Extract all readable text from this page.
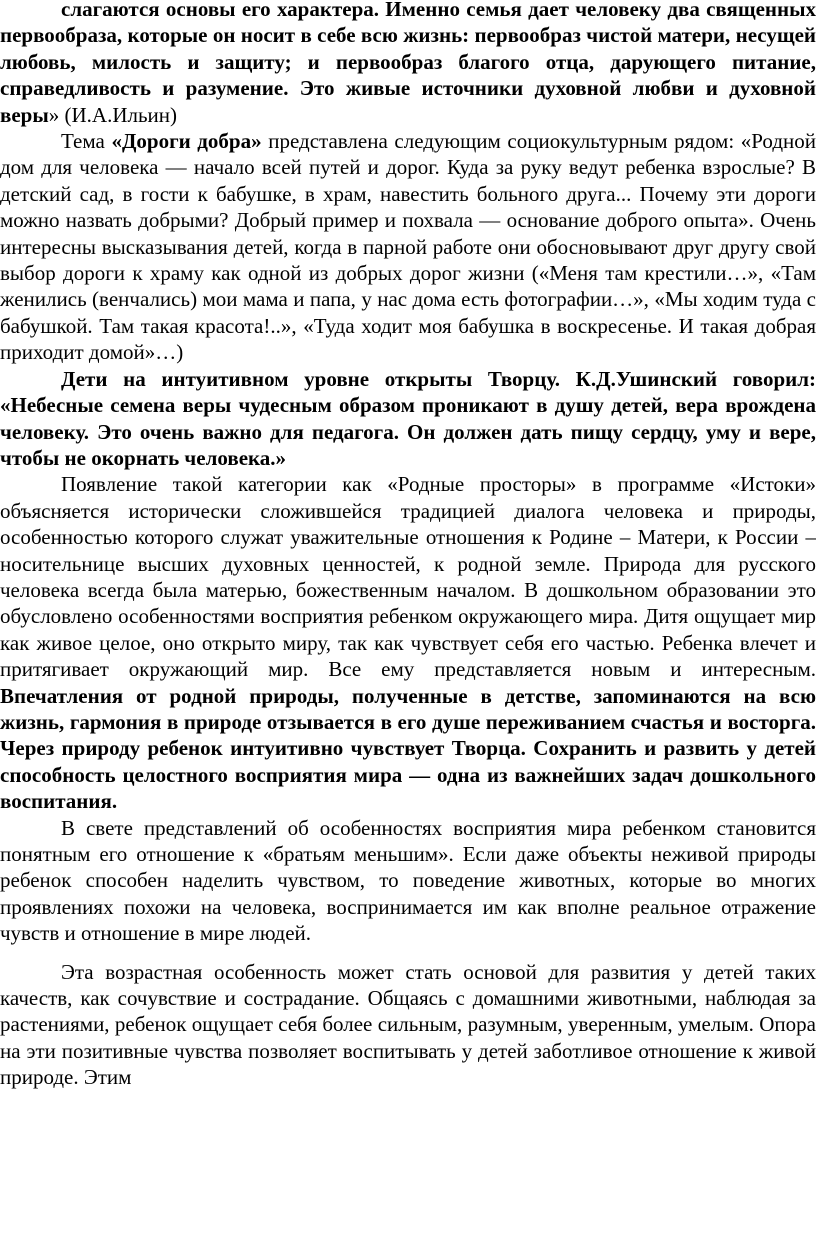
слагаются основы его характера. Именно семья дает человеку два священных первообраза, которые он носит в себе всю жизнь: первообраз чистой матери, несущей любовь, милость и защиту; и первообраз благого отца, дарующего питание, справедливость и разумение. Это живые источники духовной любви и духовной веры» (И.А.Ильин)

Тема «Дороги добра» представлена следующим социокультурным рядом: «Родной дом для человека — начало всей путей и дорог. Куда за руку ведут ребенка взрослые? В детский сад, в гости к бабушке, в храм, навестить больного друга... Почему эти дороги можно назвать добрыми? Добрый пример и похвала — основание доброго опыта». Очень интересны высказывания детей, когда в парной работе они обосновывают друг другу свой выбор дороги к храму как одной из добрых дорог жизни («Меня там крестили…», «Там женились (венчались) мои мама и папа, у нас дома есть фотографии…», «Мы ходим туда с бабушкой. Там такая красота!..», «Туда ходит моя бабушка в воскресенье. И такая добрая приходит домой»…)

Дети на интуитивном уровне открыты Творцу. К.Д.Ушинский говорил: «Небесные семена веры чудесным образом проникают в душу детей, вера врождена человеку. Это очень важно для педагога. Он должен дать пищу сердцу, уму и вере, чтобы не окорнать человека.»

Появление такой категории как «Родные просторы» в программе «Истоки» объясняется исторически сложившейся традицией диалога человека и природы, особенностью которого служат уважительные отношения к Родине – Матери, к России – носительнице высших духовных ценностей, к родной земле. Природа для русского человека всегда была матерью, божественным началом. В дошкольном образовании это обусловлено особенностями восприятия ребенком окружающего мира. Дитя ощущает мир как живое целое, оно открыто миру, так как чувствует себя его частью. Ребенка влечет и притягивает окружающий мир. Все ему представляется новым и интересным. Впечатления от родной природы, полученные в детстве, запоминаются на всю жизнь, гармония в природе отзывается в его душе переживанием счастья и восторга. Через природу ребенок интуитивно чувствует Творца. Сохранить и развить у детей способность целостного восприятия мира — одна из важнейших задач дошкольного воспитания.

В свете представлений об особенностях восприятия мира ребенком становится понятным его отношение к «братьям меньшим». Если даже объекты неживой природы ребенок способен наделить чувством, то поведение животных, которые во многих проявлениях похожи на человека, воспринимается им как вполне реальное отражение чувств и отношение в мире людей.

Эта возрастная особенность может стать основой для развития у детей таких качеств, как сочувствие и сострадание. Общаясь с домашними животными, наблюдая за растениями, ребенок ощущает себя более сильным, разумным, уверенным, умелым. Опора на эти позитивные чувства позволяет воспитывать у детей заботливое отношение к живой природе. Этим
